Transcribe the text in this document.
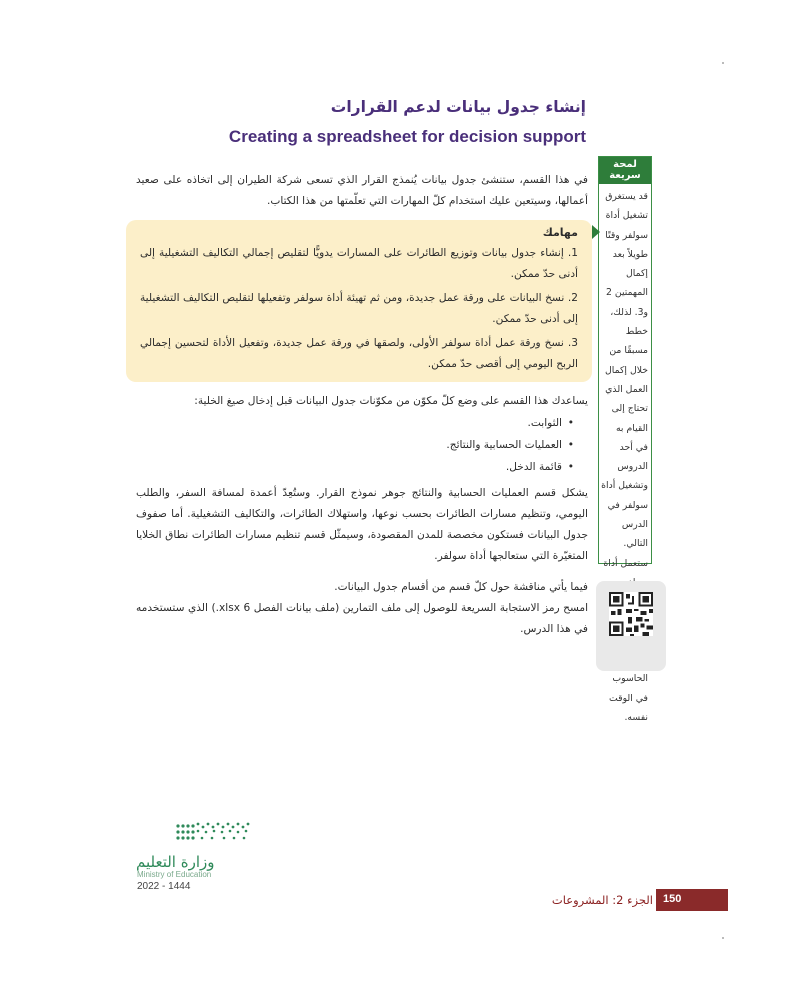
إنشاء جدول بيانات لدعم القرارات
Creating a spreadsheet for decision support
لمحة سريعة
قد يستغرق تشغيل أداة سولفر وقتًا طويلاً بعد إكمال المهمتين 2 و3. لذلك، خطط مسبقًا من خلال إكمال العمل الذي تحتاج إلى القيام به في أحد الدروس وتشغيل أداة سولفر في الدرس التالي. ستعمل أداة الحاسوب في الوقت نفسه.
في هذا القسم، ستنشئ جدول بيانات يُنمذج القرار الذي تسعى شركة الطيران إلى اتخاذه على صعيد أعمالها، وسيتعين عليك استخدام كلّ المهارات التي تعلّمتها من هذا الكتاب.
مهامك
1. إنشاء جدول بيانات وتوزيع الطائرات على المسارات يدويًّا لتقليص إجمالي التكاليف التشغيلية إلى أدنى حدّ ممكن.
2. نسخ البيانات على ورقة عمل جديدة، ومن ثم تهيئة أداة سولفر وتفعيلها لتقليص التكاليف التشغيلية إلى أدنى حدّ ممكن.
3. نسخ ورقة عمل أداة سولفر الأولى، ولصقها في ورقة عمل جديدة، وتفعيل الأداة لتحسين إجمالي الربح اليومي إلى أقصى حدّ ممكن.
يساعدك هذا القسم على وضع كلّ مكوّن من مكوّنات جدول البيانات قبل إدخال صيغ الخلية:
• الثوابت.
• العمليات الحسابية والنتائج.
• قائمة الدخل.
يشكل قسم العمليات الحسابية والنتائج جوهر نموذج القرار. وستُعِدّ أعمدة لمسافة السفر، والطلب اليومي، وتنظيم مسارات الطائرات بحسب نوعها، واستهلاك الطائرات، والتكاليف التشغيلية. أما صفوف جدول البيانات فستكون مخصصة للمدن المقصودة، وسيمثّل قسم تنظيم مسارات الطائرات نطاق الخلايا المتغيّرة التي ستعالجها أداة سولفر.
فيما يأتي مناقشة حول كلّ قسم من أقسام جدول البيانات.
امسح رمز الاستجابة السريعة للوصول إلى ملف التمارين (ملف بيانات الفصل 6 xlsx.) الذي ستستخدمه في هذا الدرس.
وزارة التعليم
Ministry of Education
2022 - 1444
الجزء 2: المشروعات 150
